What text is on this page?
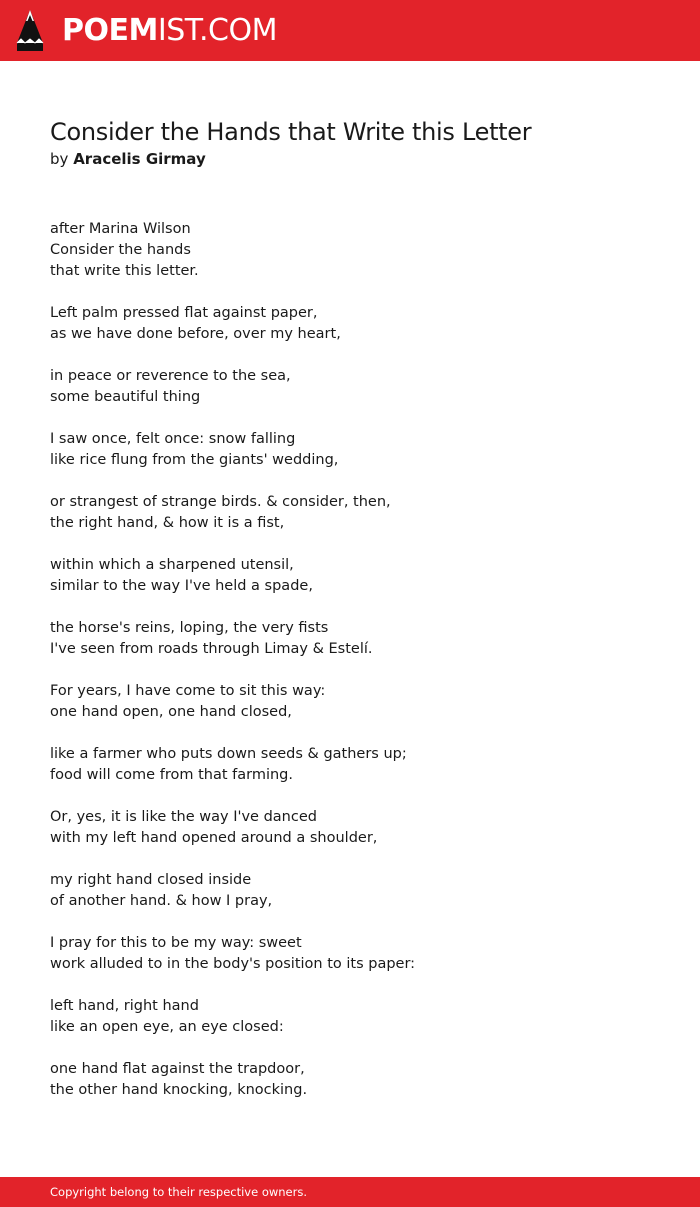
POEMIST.COM
Consider the Hands that Write this Letter
by Aracelis Girmay
after Marina Wilson
Consider the hands
that write this letter.
Left palm pressed flat against paper,
as we have done before, over my heart,
in peace or reverence to the sea,
some beautiful thing
I saw once, felt once: snow falling
like rice flung from the giants' wedding,
or strangest of strange birds. & consider, then,
the right hand, & how it is a fist,
within which a sharpened utensil,
similar to the way I've held a spade,
the horse's reins, loping, the very fists
I've seen from roads through Limay & Estelí.
For years, I have come to sit this way:
one hand open, one hand closed,
like a farmer who puts down seeds & gathers up;
food will come from that farming.
Or, yes, it is like the way I've danced
with my left hand opened around a shoulder,
my right hand closed inside
of another hand. & how I pray,
I pray for this to be my way: sweet
work alluded to in the body's position to its paper:
left hand, right hand
like an open eye, an eye closed:
one hand flat against the trapdoor,
the other hand knocking, knocking.
Copyright belong to their respective owners.
